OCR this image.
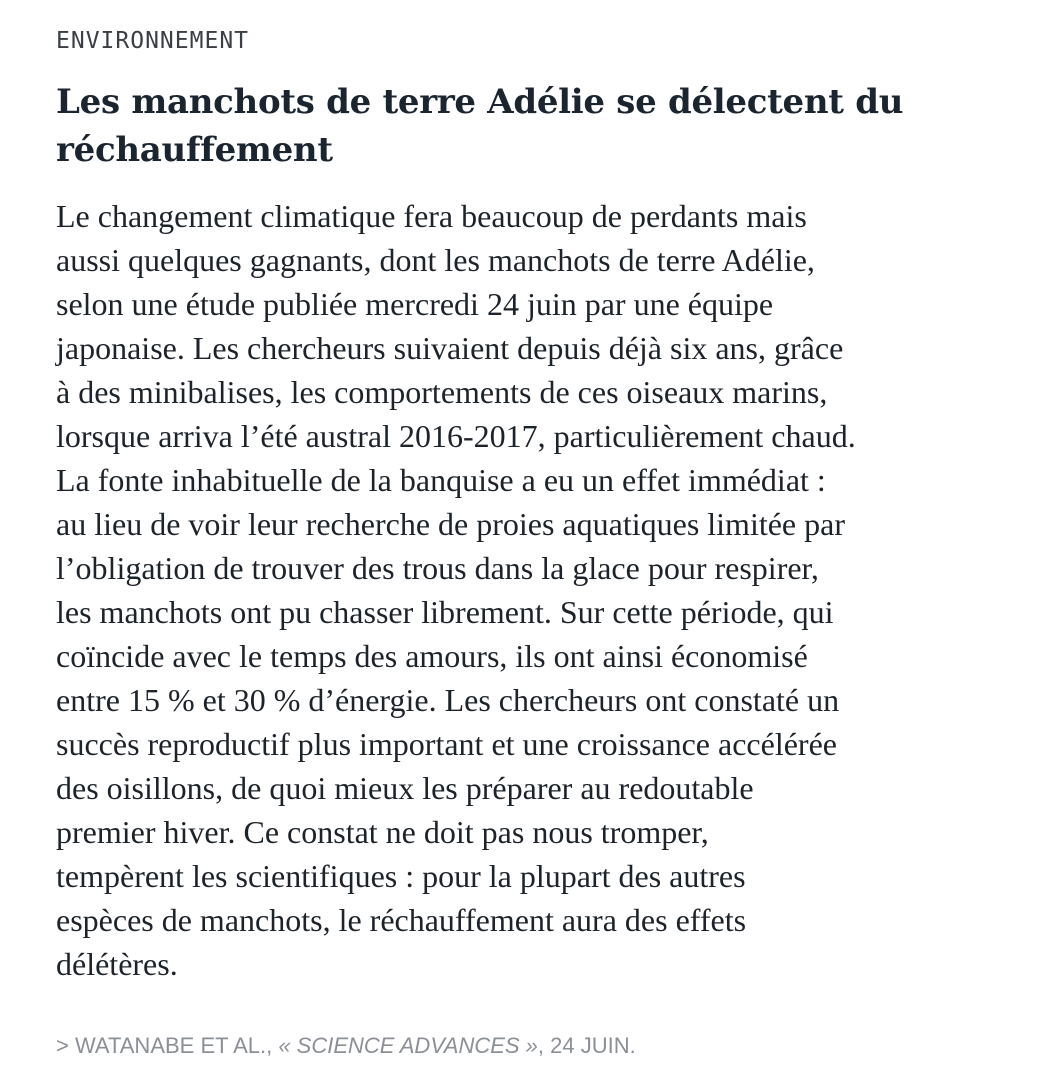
ENVIRONNEMENT

Les manchots de terre Adélie se délectent du réchauffement
Le changement climatique fera beaucoup de perdants mais
aussi quelques gagnants, dont les manchots de terre Adélie,
selon une étude publiée mercredi 24 juin par une équipe
japonaise. Les chercheurs suivaient depuis déjà six ans, grâce
à des minibalises, les comportements de ces oiseaux marins,
lorsque arriva l’été austral 2016-2017, particulièrement chaud.
La fonte inhabituelle de la banquise a eu un effet immédiat :
au lieu de voir leur recherche de proies aquatiques limitée par
l’obligation de trouver des trous dans la glace pour respirer,
les manchots ont pu chasser librement. Sur cette période, qui
coïncide avec le temps des amours, ils ont ainsi économisé
entre 15 % et 30 % d’énergie. Les chercheurs ont constaté un
succès reproductif plus important et une croissance accélérée
des oisillons, de quoi mieux les préparer au redoutable
premier hiver. Ce constat ne doit pas nous tromper,
tempèrent les scientifiques : pour la plupart des autres
espèces de manchots, le réchauffement aura des effets
délétères.

> WATANABE ET AL., « SCIENCE ADVANCES », 24 JUIN.
